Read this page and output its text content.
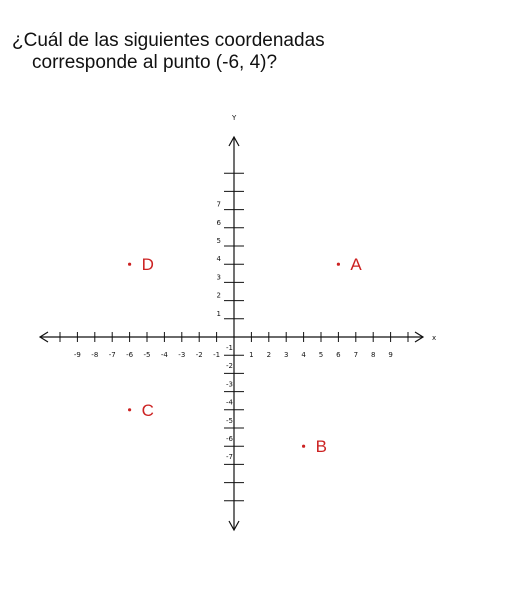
¿Cuál de las siguientes coordenadas
corresponde al punto (-6, 4)?
x
Y
-9 -8 -7 -6 -5 -4 -3 -2 -1	1 2 3 4 5 6 7 8 9
-7
-6
-5
-4
-3
-2
-1
1
2
3
4
5
6
7
A
B
C
D
